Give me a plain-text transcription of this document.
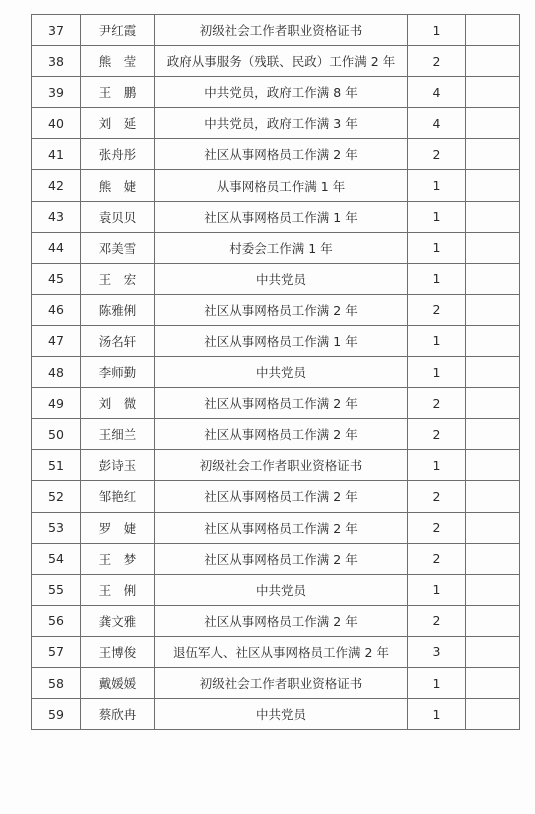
37	尹红霞	初级社会工作者职业资格证书	1	
38	熊　莹	政府从事服务（残联、民政）工作满 2 年	2	
39	王　鹏	中共党员，政府工作满 8 年	4	
40	刘　延	中共党员，政府工作满 3 年	4	
41	张舟彤	社区从事网格员工作满 2 年	2	
42	熊　婕	从事网格员工作满 1 年	1	
43	袁贝贝	社区从事网格员工作满 1 年	1	
44	邓美雪	村委会工作满 1 年	1	
45	王　宏	中共党员	1	
46	陈雅俐	社区从事网格员工作满 2 年	2	
47	汤名轩	社区从事网格员工作满 1 年	1	
48	李师勤	中共党员	1	
49	刘　微	社区从事网格员工作满 2 年	2	
50	王细兰	社区从事网格员工作满 2 年	2	
51	彭诗玉	初级社会工作者职业资格证书	1	
52	邹艳红	社区从事网格员工作满 2 年	2	
53	罗　婕	社区从事网格员工作满 2 年	2	
54	王　梦	社区从事网格员工作满 2 年	2	
55	王　俐	中共党员	1	
56	龚文雅	社区从事网格员工作满 2 年	2	
57	王博俊	退伍军人、社区从事网格员工作满 2 年	3	
58	戴媛媛	初级社会工作者职业资格证书	1	
59	蔡欣冉	中共党员	1	
